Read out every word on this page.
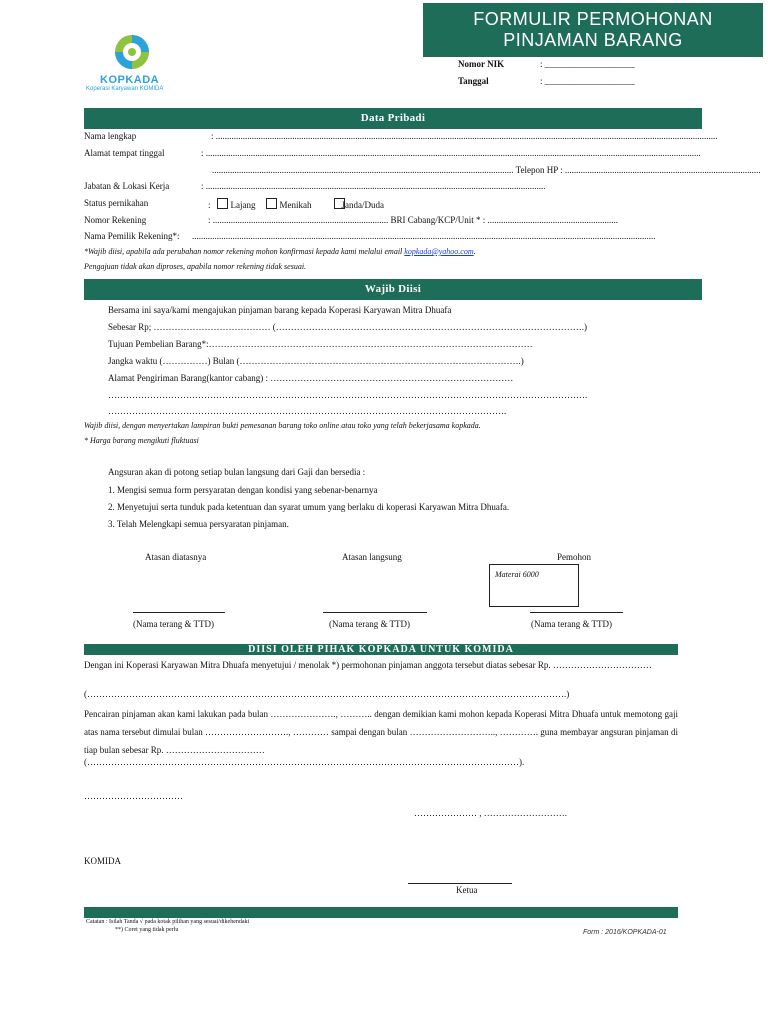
KOPKADA
Koperasi Karyawan KOMIDA
FORMULIR PERMOHONAN
PINJAMAN BARANG
Nomor NIK	: ____________________
Tanggal	: ____________________
Data Pribadi
Nama lengkap	: ...............................................................................................................................................................................................................................
Alamat tempat tinggal	: ............................................................................................................................................................................................................................
...................................................................................................................................... Telepon HP : .......................................................................................
Jabatan & Lokasi Kerja	: .......................................................................................................................................................
Status pernikahan	: Lajang	Menikah	Janda/Duda
Nomor Rekening	: .............................................................................. BRI Cabang/KCP/Unit * : ..........................................................
Nama Pemilik Rekening*: ..............................................................................................................................................................................................................
*Wajib diisi, apabila ada perubahan nomor rekening mohon konfirmasi kepada kami melalui email kopkada@yahoo.com.
Pengajuan tidak akan diproses, apabila nomor rekening tidak sesuai.
Wajib Diisi
Bersama ini saya/kami mengajukan pinjaman barang kepada Koperasi Karyawan Mitra Dhuafa
Sebesar Rp; ………………………………… (………………………………………………………………………………………….)
Tujuan Pembelian Barang*:………………………………………………………………………………………………
Jangka waktu (……………) Bulan (………………………………………………………………………………….)
Alamat Pengiriman Barang(kantor cabang) : ………………………………………………………………………
…………………………………………………………………………………………………………………………………………….
…………………………………………………………………………………………………………………….
Wajib diisi, dengan menyertakan lampiran bukti pemesanan barang toko online atau toko yang telah bekerjasama kopkada.
* Harga barang mengikuti fluktuasi
Angsuran akan di potong setiap bulan langsung dari Gaji dan bersedia :
1. Mengisi semua form persyaratan dengan kondisi yang sebenar-benarnya
2. Menyetujui serta tunduk pada ketentuan dan syarat umum yang berlaku di koperasi Karyawan Mitra Dhuafa.
3. Telah Melengkapi semua persyaratan pinjaman.
Atasan diatasnya	Atasan langsung	Pemohon
Materai 6000
(Nama terang & TTD)	(Nama terang & TTD)	(Nama terang & TTD)
DIISI OLEH PIHAK KOPKADA UNTUK KOMIDA
Dengan ini Koperasi Karyawan Mitra Dhuafa menyetujui / menolak *) permohonan pinjaman anggota tersebut diatas sebesar Rp. ……………………………
(…………………………………………………………………………………………………………………………………………….)
Pencairan pinjaman akan kami lakukan pada bulan …………………., ……….. dengan demikian kami mohon kepada Koperasi Mitra Dhuafa untuk memotong gaji atas nama tersebut dimulai bulan ………………………., ………… sampai dengan bulan ……………………….., …………. guna membayar angsuran pinjaman di tiap bulan sebesar Rp. ……………………………
(………………………………………………………………………………………………………………………………).
……………………………
………………… , ……………………….
KOMIDA
Ketua
Catatan : Isilah Tanda √ pada kotak pilihan yang sesuai/dikehendaki
**) Coret yang tidak perlu	Form : 2016/KOPKADA-01
